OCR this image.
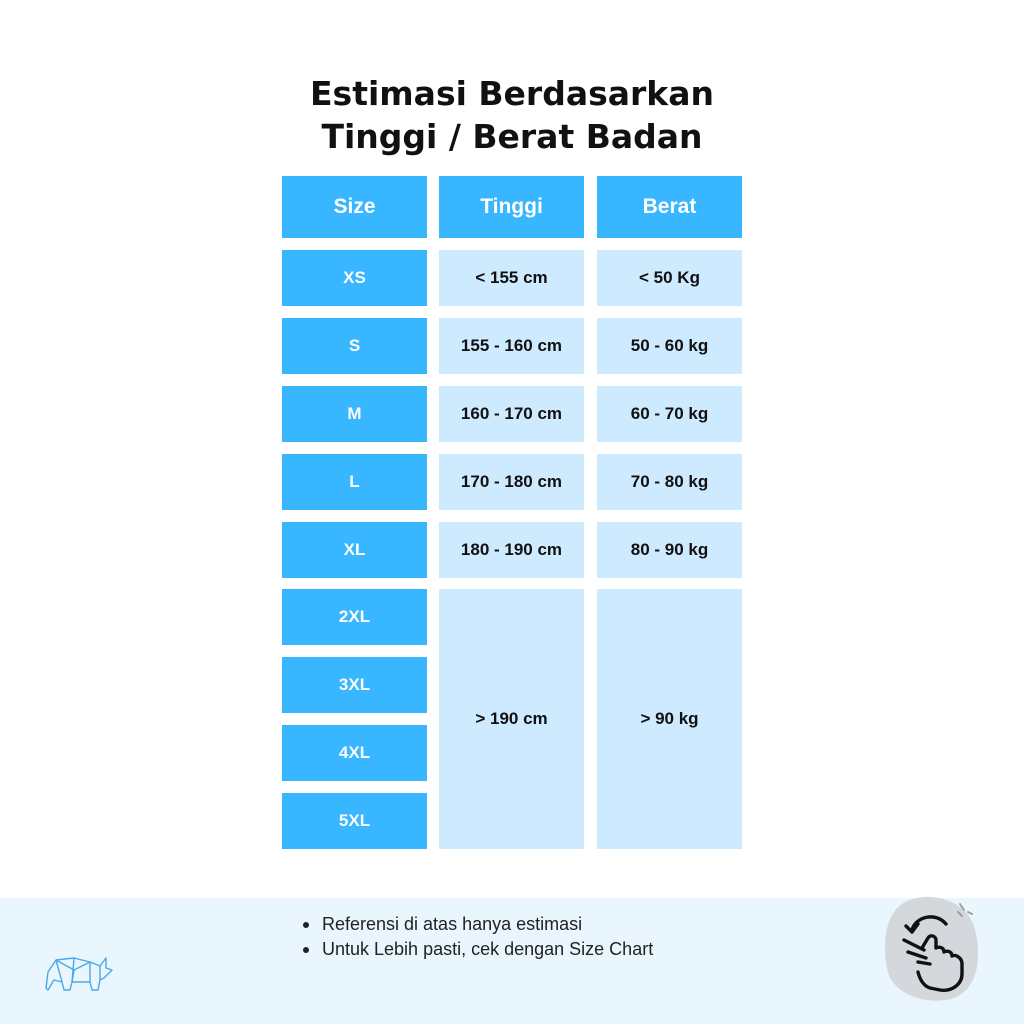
Estimasi Berdasarkan
Tinggi / Berat Badan
Size	Tinggi	Berat
XS
S
M
L
XL
2XL
3XL
4XL
5XL
< 155 cm
155 - 160 cm
160 - 170 cm
170 - 180 cm
180 - 190 cm
> 190 cm
< 50 Kg
50 - 60 kg
60 - 70 kg
70 - 80 kg
80 - 90 kg
> 90 kg
Referensi di atas hanya estimasi
Untuk Lebih pasti, cek dengan Size Chart
